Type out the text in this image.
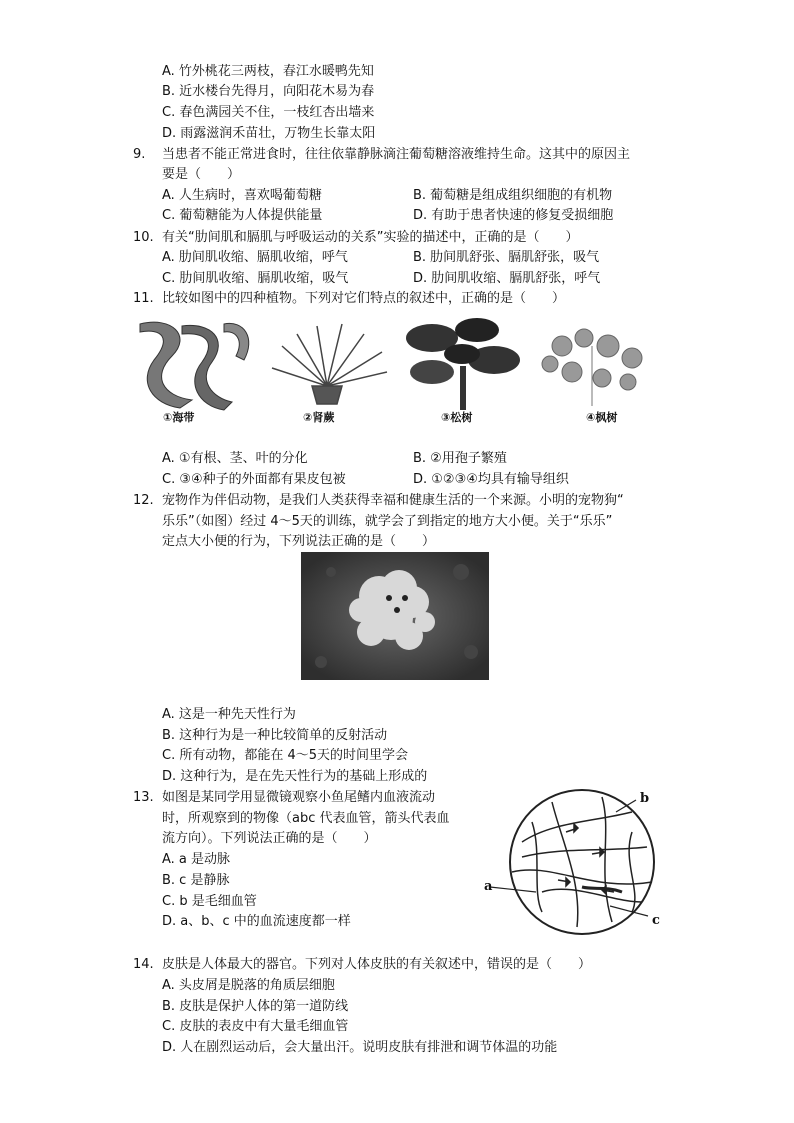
A. 竹外桃花三两枝，春江水暖鸭先知
B. 近水楼台先得月，向阳花木易为春
C. 春色满园关不住，一枝红杏出墙来
D. 雨露滋润禾苗壮，万物生长靠太阳
9. 当患者不能正常进食时，往往依靠静脉滴注葡萄糖溶液维持生命。这其中的原因主
要是（　　）
A. 人生病时，喜欢喝葡萄糖	B. 葡萄糖是组成组织细胞的有机物
C. 葡萄糖能为人体提供能量	D. 有助于患者快速的修复受损细胞
10. 有关“肋间肌和膈肌与呼吸运动的关系”实验的描述中，正确的是（　　）
A. 肋间肌收缩、膈肌收缩，呼气	B. 肋间肌舒张、膈肌舒张，吸气
C. 肋间肌收缩、膈肌收缩，吸气	D. 肋间肌收缩、膈肌舒张，呼气
11. 比较如图中的四种植物。下列对它们特点的叙述中，正确的是（　　）
①海带	②肾蕨	③松树	④枫树
A. ①有根、茎、叶的分化	B. ②用孢子繁殖
C. ③④种子的外面都有果皮包被	D. ①②③④均具有输导组织
12. 宠物作为伴侣动物，是我们人类获得幸福和健康生活的一个来源。小明的宠物狗“
乐乐”（如图）经过 4～5天的训练，就学会了到指定的地方大小便。关于“乐乐”
定点大小便的行为，下列说法正确的是（　　）
A. 这是一种先天性行为
B. 这种行为是一种比较简单的反射活动
C. 所有动物，都能在 4～5天的时间里学会
D. 这种行为，是在先天性行为的基础上形成的
13. 如图是某同学用显微镜观察小鱼尾鳍内血液流动
时，所观察到的物像（abc 代表血管，箭头代表血
流方向）。下列说法正确的是（　　）
A. a 是动脉
B. c 是静脉
C. b 是毛细血管
D. a、b、c 中的血流速度都一样
b
a
c
14. 皮肤是人体最大的器官。下列对人体皮肤的有关叙述中，错误的是（　　）
A. 头皮屑是脱落的角质层细胞
B. 皮肤是保护人体的第一道防线
C. 皮肤的表皮中有大量毛细血管
D. 人在剧烈运动后，会大量出汗。说明皮肤有排泄和调节体温的功能
